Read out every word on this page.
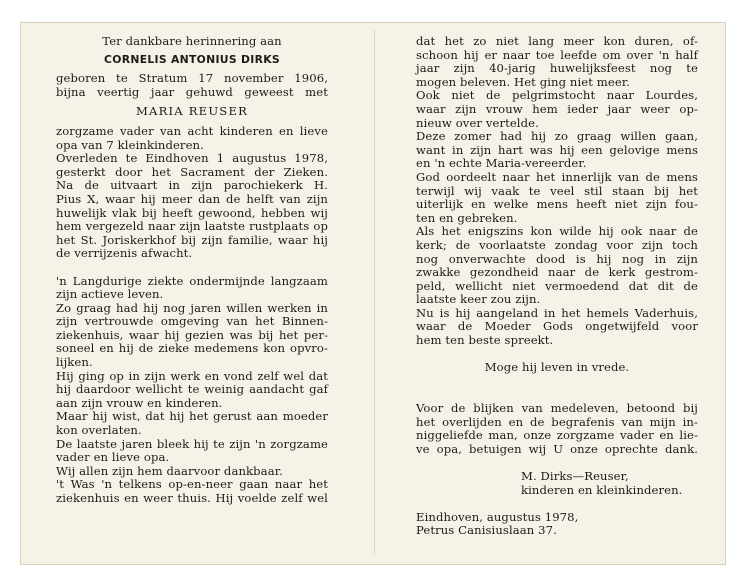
Ter dankbare herinnering aan

CORNELIS ANTONIUS DIRKS

geboren te Stratum 17 november 1906,

bijna veertig jaar gehuwd geweest met

MARIA REUSER

zorgzame vader van acht kinderen en lieve

opa van 7 kleinkinderen.

Overleden te Eindhoven 1 augustus 1978,

gesterkt door het Sacrament der Zieken.

Na de uitvaart in zijn parochiekerk H.

Pius X, waar hij meer dan de helft van zijn

huwelijk vlak bij heeft gewoond, hebben wij

hem vergezeld naar zijn laatste rustplaats op

het St. Joriskerkhof bij zijn familie, waar hij

de verrijzenis afwacht.

'n Langdurige ziekte ondermijnde langzaam

zijn actieve leven.

Zo graag had hij nog jaren willen werken in

zijn vertrouwde omgeving van het Binnen-

ziekenhuis, waar hij gezien was bij het per-

soneel en hij de zieke medemens kon opvro-

lijken.

Hij ging op in zijn werk en vond zelf wel dat

hij daardoor wellicht te weinig aandacht gaf

aan zijn vrouw en kinderen.

Maar hij wist, dat hij het gerust aan moeder

kon overlaten.

De laatste jaren bleek hij te zijn 'n zorgzame

vader en lieve opa.

Wij allen zijn hem daarvoor dankbaar.

't Was 'n telkens op-en-neer gaan naar het

ziekenhuis en weer thuis. Hij voelde zelf wel

dat het zo niet lang meer kon duren, of-

schoon hij er naar toe leefde om over 'n half

jaar zijn 40-jarig huwelijksfeest nog te

mogen beleven. Het ging niet meer.

Ook niet de pelgrimstocht naar Lourdes,

waar zijn vrouw hem ieder jaar weer op-

nieuw over vertelde.

Deze zomer had hij zo graag willen gaan,

want in zijn hart was hij een gelovige mens

en 'n echte Maria-vereerder.

God oordeelt naar het innerlijk van de mens

terwijl wij vaak te veel stil staan bij het

uiterlijk en welke mens heeft niet zijn fou-

ten en gebreken.

Als het enigszins kon wilde hij ook naar de

kerk; de voorlaatste zondag voor zijn toch

nog onverwachte dood is hij nog in zijn

zwakke gezondheid naar de kerk gestrom-

peld, wellicht niet vermoedend dat dit de

laatste keer zou zijn.

Nu is hij aangeland in het hemels Vaderhuis,

waar de Moeder Gods ongetwijfeld voor

hem ten beste spreekt.

Moge hij leven in vrede.

Voor de blijken van medeleven, betoond bij

het overlijden en de begrafenis van mijn in-

niggeliefde man, onze zorgzame vader en lie-

ve opa, betuigen wij U onze oprechte dank.

M. Dirks—Reuser,

kinderen en kleinkinderen.

Eindhoven, augustus 1978,

Petrus Canisiuslaan 37.
